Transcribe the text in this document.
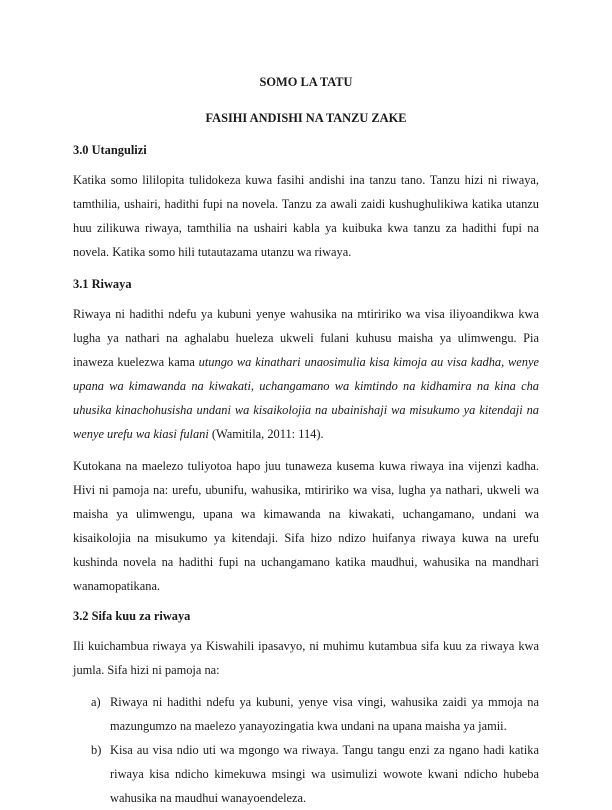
SOMO LA TATU
FASIHI ANDISHI NA TANZU ZAKE
3.0 Utangulizi

Katika somo lililopita tulidokeza kuwa fasihi andishi ina tanzu tano. Tanzu hizi ni riwaya, tamthilia, ushairi, hadithi fupi na novela. Tanzu za awali zaidi kushughulikiwa katika utanzu huu zilikuwa riwaya, tamthilia na ushairi kabla ya kuibuka kwa tanzu za hadithi fupi na novela. Katika somo hili tutautazama utanzu wa riwaya.

3.1 Riwaya

Riwaya ni hadithi ndefu ya kubuni yenye wahusika na mtiririko wa visa iliyoandikwa kwa lugha ya nathari na aghalabu hueleza ukweli fulani kuhusu maisha ya ulimwengu. Pia inaweza kuelezwa kama utungo wa kinathari unaosimulia kisa kimoja au visa kadha, wenye upana wa kimawanda na kiwakati, uchangamano wa kimtindo na kidhamira na kina cha uhusika kinachohusisha undani wa kisaikolojia na ubainishaji wa misukumo ya kitendaji na wenye urefu wa kiasi fulani (Wamitila, 2011: 114).

Kutokana na maelezo tuliyotoa hapo juu tunaweza kusema kuwa riwaya ina vijenzi kadha. Hivi ni pamoja na: urefu, ubunifu, wahusika, mtiririko wa visa, lugha ya nathari, ukweli wa maisha ya ulimwengu, upana wa kimawanda na kiwakati, uchangamano, undani wa kisaikolojia na misukumo ya kitendaji. Sifa hizo ndizo huifanya riwaya kuwa na urefu kushinda novela na hadithi fupi na uchangamano katika maudhui, wahusika na mandhari wanamopatikana.

3.2 Sifa kuu za riwaya

Ili kuichambua riwaya ya Kiswahili ipasavyo, ni muhimu kutambua sifa kuu za riwaya kwa jumla. Sifa hizi ni pamoja na:

a) Riwaya ni hadithi ndefu ya kubuni, yenye visa vingi, wahusika zaidi ya mmoja na mazungumzo na maelezo yanayozingatia kwa undani na upana maisha ya jamii.
b) Kisa au visa ndio uti wa mgongo wa riwaya. Tangu tangu enzi za ngano hadi katika riwaya kisa ndicho kimekuwa msingi wa usimulizi wowote kwani ndicho hubeba wahusika na maudhui wanayoendeleza.
